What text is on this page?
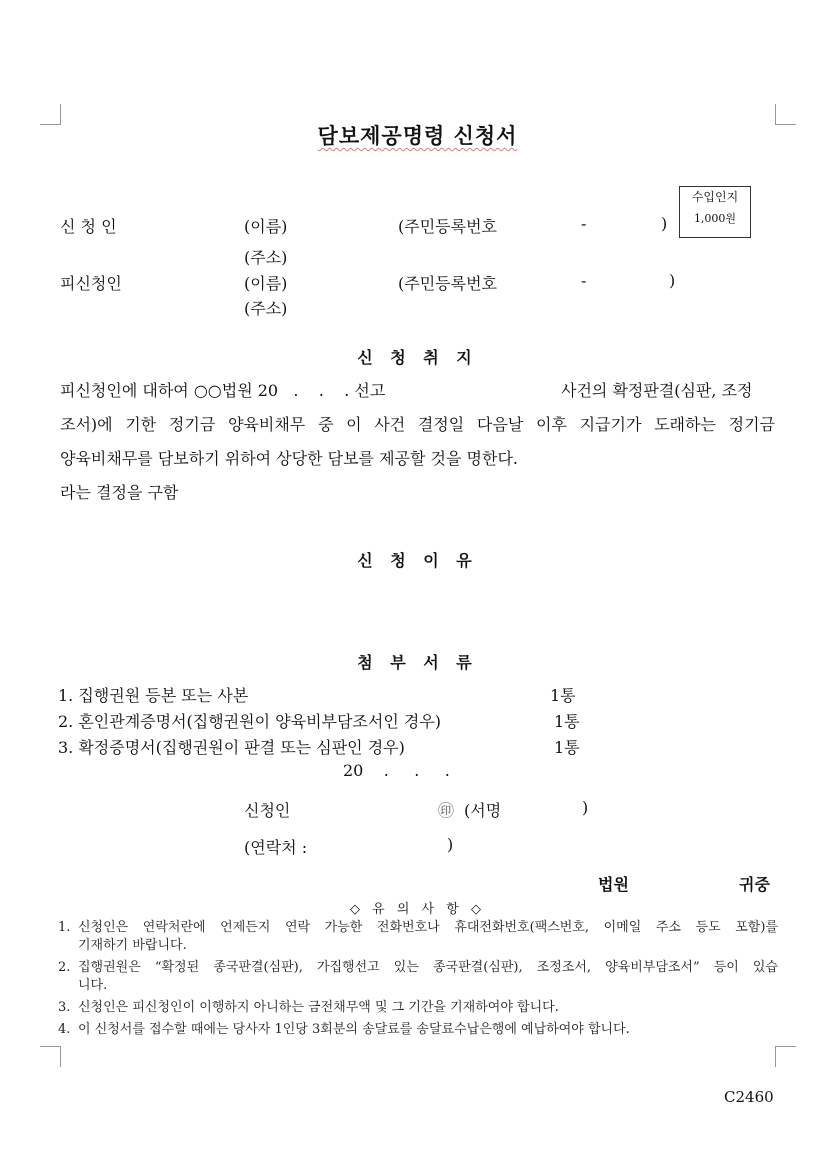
담보제공명령 신청서
수입인지
1,000원
신 청 인	(이름)	(주민등록번호	-	)
(주소)
피신청인	(이름)	(주민등록번호	-	)
(주소)
신 청 취 지
피신청인에 대하여 ○○법원 20   .    .    . 선고	사건의 확정판결(심판, 조정

조서)에 기한 정기금 양육비채무 중 이 사건 결정일 다음날 이후 지급기가 도래하는 정기금

양육비채무를 담보하기 위하여 상당한 담보를 제공할 것을 명한다.

라는 결정을 구함

신 청 이 유
첨 부 서 류
1. 집행권원 등본 또는 사본	1통
2. 혼인관계증명서(집행권원이 양육비부담조서인 경우)	1통
3. 확정증명서(집행권원이 판결 또는 심판인 경우)	1통
20    .     .     .
신청인	㊞ (서명	)
(연락처 :	)
법원	귀중
◇ 유 의 사 항 ◇
1. 신청인은 연락처란에 언제든지 연락 가능한 전화번호나 휴대전화번호(팩스번호, 이메일 주소 등도 포함)를
기재하기 바랍니다.
2. 집행권원은 “확정된 종국판결(심판), 가집행선고 있는 종국판결(심판), 조정조서, 양육비부담조서” 등이 있습
니다.
3. 신청인은 피신청인이 이행하지 아니하는 금전채무액 및 그 기간을 기재하여야 합니다.
4. 이 신청서를 접수할 때에는 당사자 1인당 3회분의 송달료를 송달료수납은행에 예납하여야 합니다.
C2460
